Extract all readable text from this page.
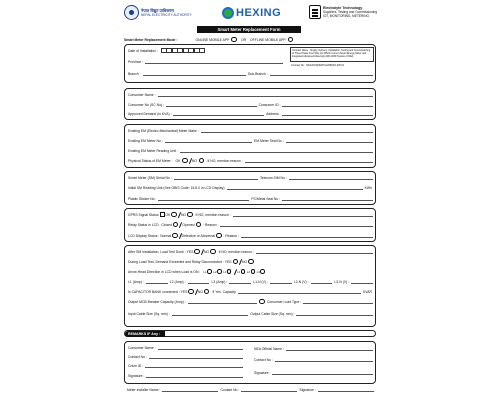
नेपाल विद्युत प्राधिकरण
NEPAL ELECTRICITY AUTHORITY	HEXING	Electrolyte Technology
Suppliers, Testing and Commissioning
IOT, MONITORING, METERING
Smart Meter Replacement Form
Smart Meter Replacement Mode :	ONLINE MOBILE APP	OR OFFLINE MOBILE APP
Date of Installation :
Province :
Branch :	Sub-Branch :
Contract Name : Supply, Delivery, Installation, Testing and Commissioning of Three Phase Four Wire AC Whole Current Smart Energy Meter and Integrated Advanced Metering (AMI) 2009 System of NEA
Contract No. : NEA/DCSD/EPF/G/2080/81-ICB 01
Consumer Name :
Consumer No (SC No) :	Consumer ID :
Approved Demand (in KVA) :	Address :
Existing EM (Electro-Mechanical) Meter Make :
Existing EM Meter No :	EM Meter Seal No :
Existing EM Meter Reading Unit :
Physical Status of EM Meter : OK	NO	If NO, mention reason :
Smart Meter (SM) Serial No :	Telecom SIM No :
Initial SM Reading Unit (See OBIS Code: 15.8.0 in LCD Display)	KWh
Plastic Sticker No :	PC/Metal Seal No :
GPRS Signal Status OK	NO	If NO, mention reason :
Relay Status in LCD : Closed	Opened	: Reason :
LCD Display Status : Normal	Defective or Abnormal	: Reason :
After SM Installation, Load Test Done : YES	NO	If NO, mention reason :
During Load Test, Demand Exceeded and Relay Disconnected : YES	NO
Arrow Head Direction in LCD when Load is ON : L1 L2 L3	L1 L2 L3
L1 (Amp) :	L2 (Amp) :	L3 (Amp) :	L1-N (V) :	L2-N (V) :	L3-N (V) :
Is CAPACITOR BANK connected : YES	NO	If Yes, Capacity	KVAR
Output MCB Breaker Capacity (Amp) :	Consumer Load Type :
Input Cable Size (Sq. mm) :	Output Cable Size (Sq. mm) :
REMARKS IF Any :
Consumer Name :
Contact No :
Cntzn ID :
Signature :
NEA Official Name :
Contact No :
Signature :
Meter Installer Name :	Contact No :	Signature :
